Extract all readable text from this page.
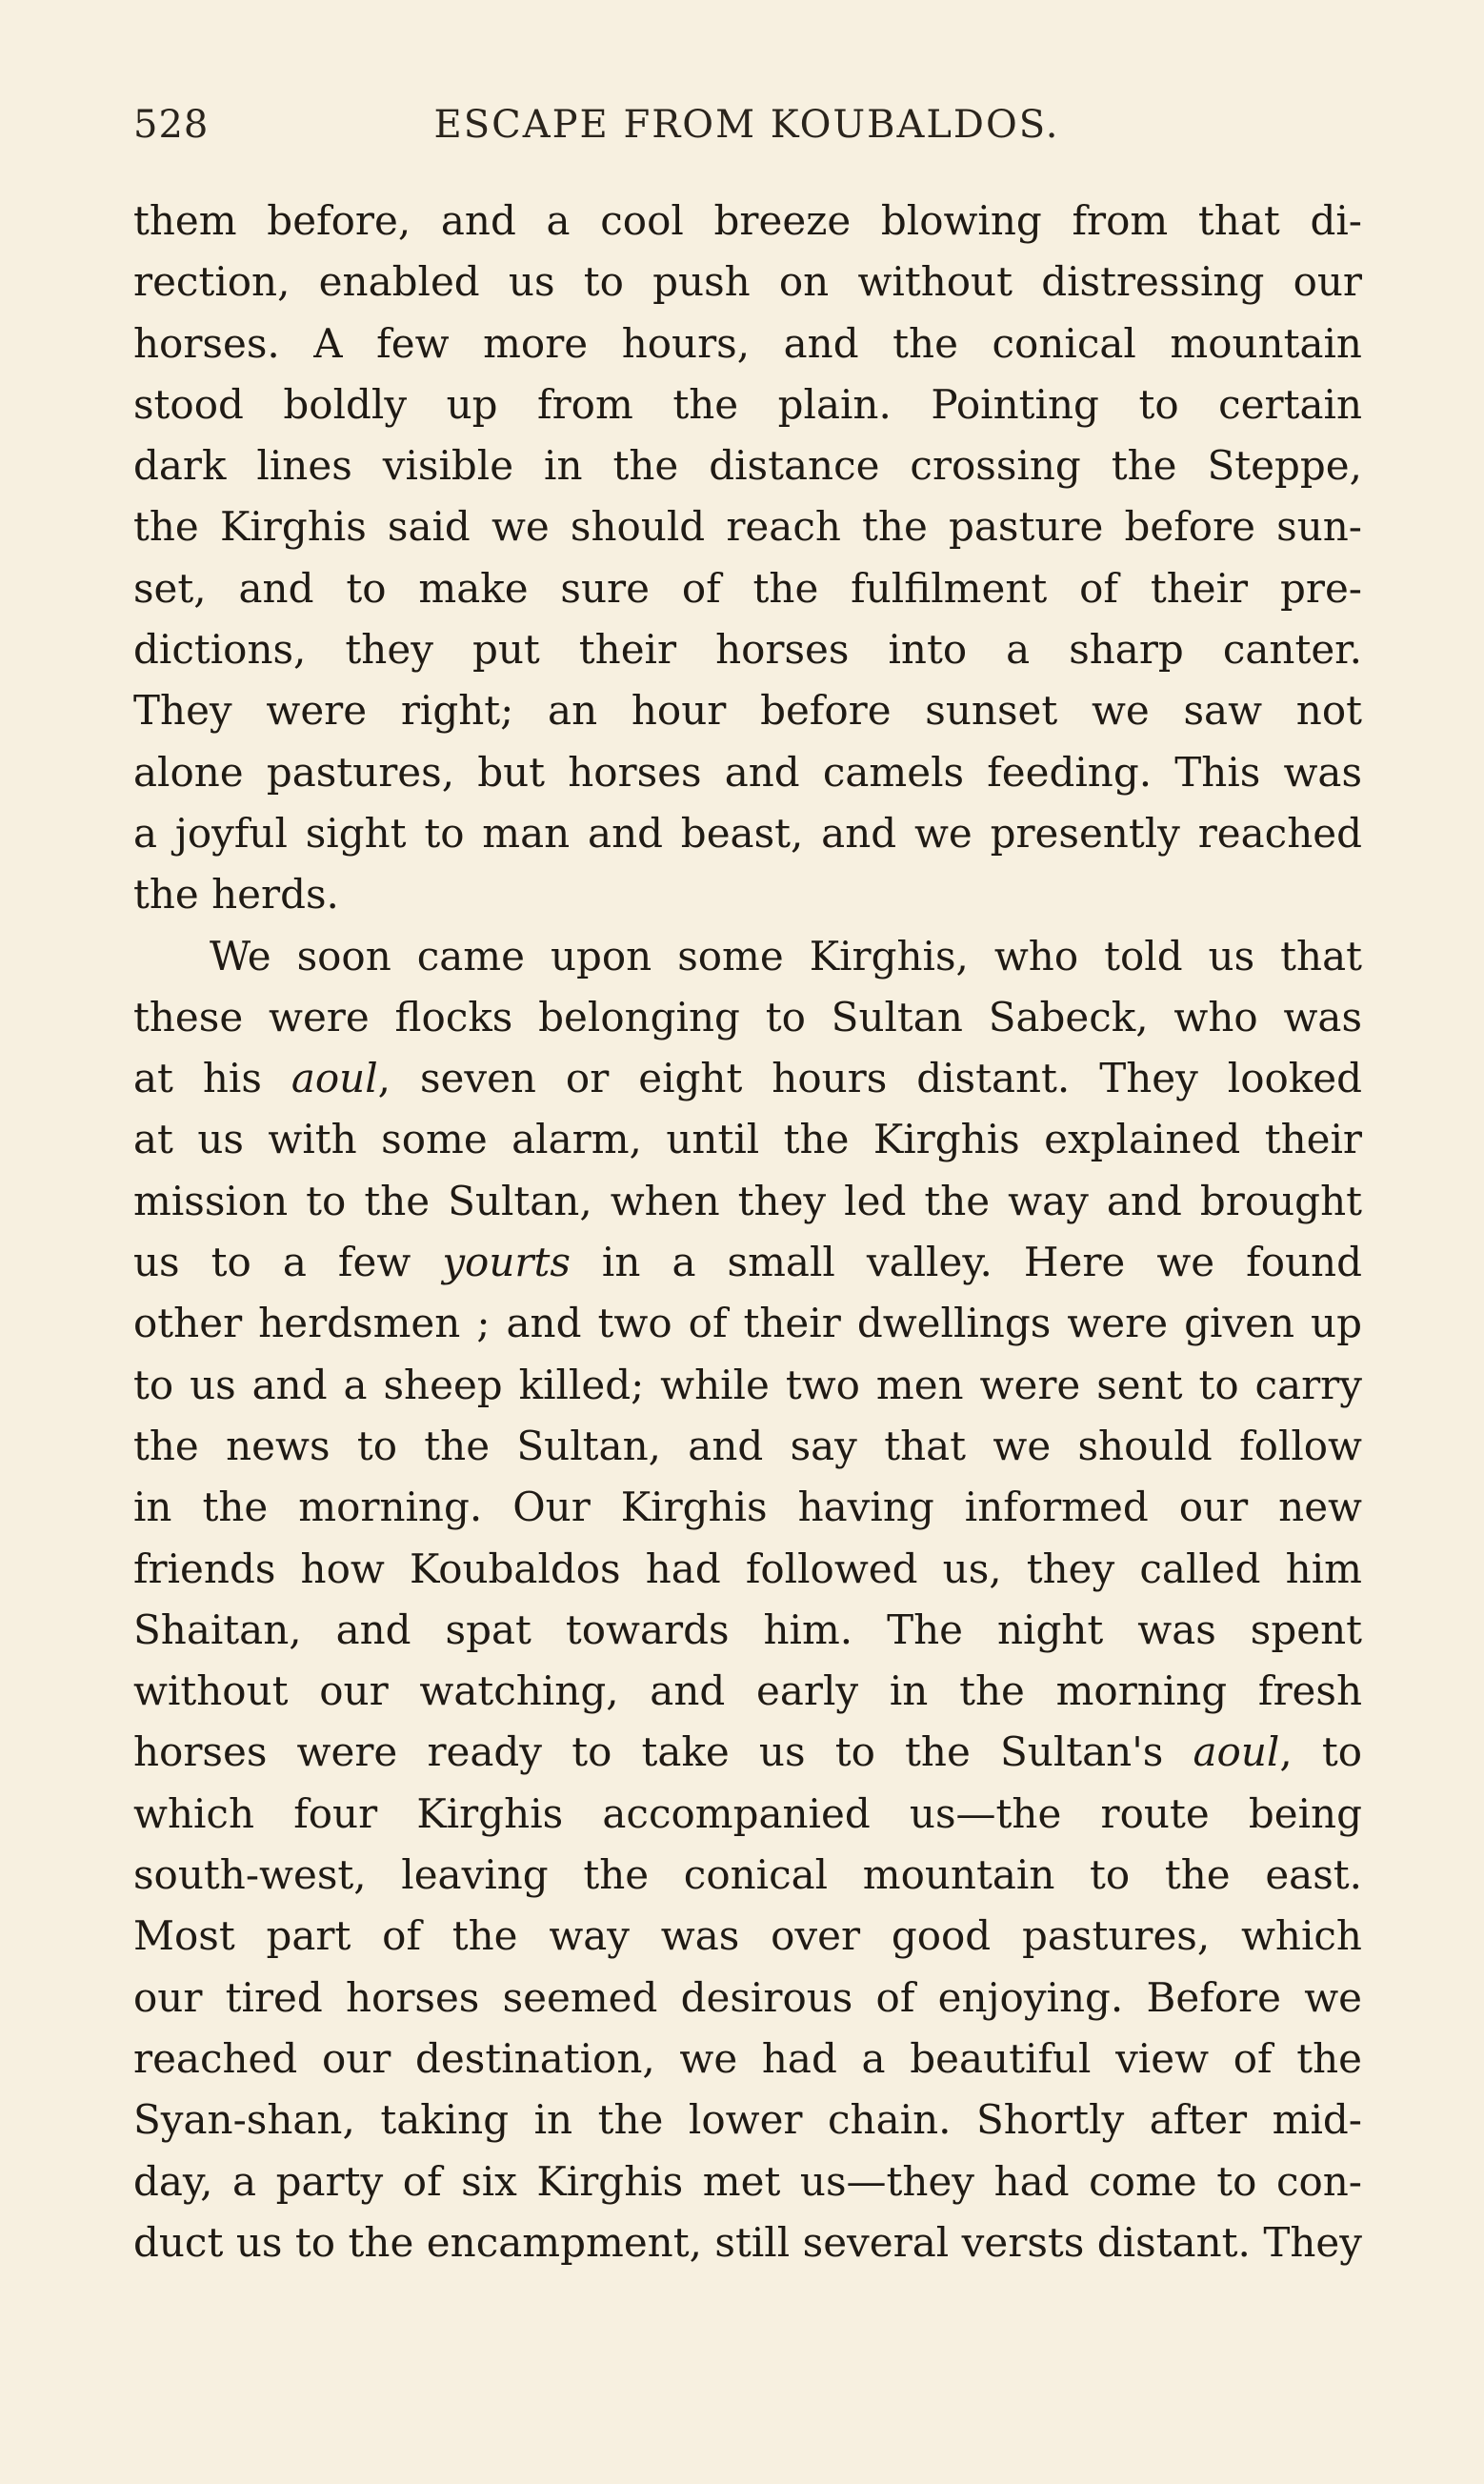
528	ESCAPE FROM KOUBALDOS.
them before, and a cool breeze blowing from that di-
rection, enabled us to push on without distressing our
horses. A few more hours, and the conical mountain
stood boldly up from the plain. Pointing to certain
dark lines visible in the distance crossing the Steppe,
the Kirghis said we should reach the pasture before sun-
set, and to make sure of the fulfilment of their pre-
dictions, they put their horses into a sharp canter.
They were right; an hour before sunset we saw not
alone pastures, but horses and camels feeding. This was
a joyful sight to man and beast, and we presently reached
the herds.
We soon came upon some Kirghis, who told us that
these were flocks belonging to Sultan Sabeck, who was
at his aoul, seven or eight hours distant. They looked
at us with some alarm, until the Kirghis explained their
mission to the Sultan, when they led the way and brought
us to a few yourts in a small valley. Here we found
other herdsmen ; and two of their dwellings were given up
to us and a sheep killed; while two men were sent to carry
the news to the Sultan, and say that we should follow
in the morning. Our Kirghis having informed our new
friends how Koubaldos had followed us, they called him
Shaitan, and spat towards him. The night was spent
without our watching, and early in the morning fresh
horses were ready to take us to the Sultan's aoul, to
which four Kirghis accompanied us—the route being
south-west, leaving the conical mountain to the east.
Most part of the way was over good pastures, which
our tired horses seemed desirous of enjoying. Before we
reached our destination, we had a beautiful view of the
Syan-shan, taking in the lower chain. Shortly after mid-
day, a party of six Kirghis met us—they had come to con-
duct us to the encampment, still several versts distant. They
